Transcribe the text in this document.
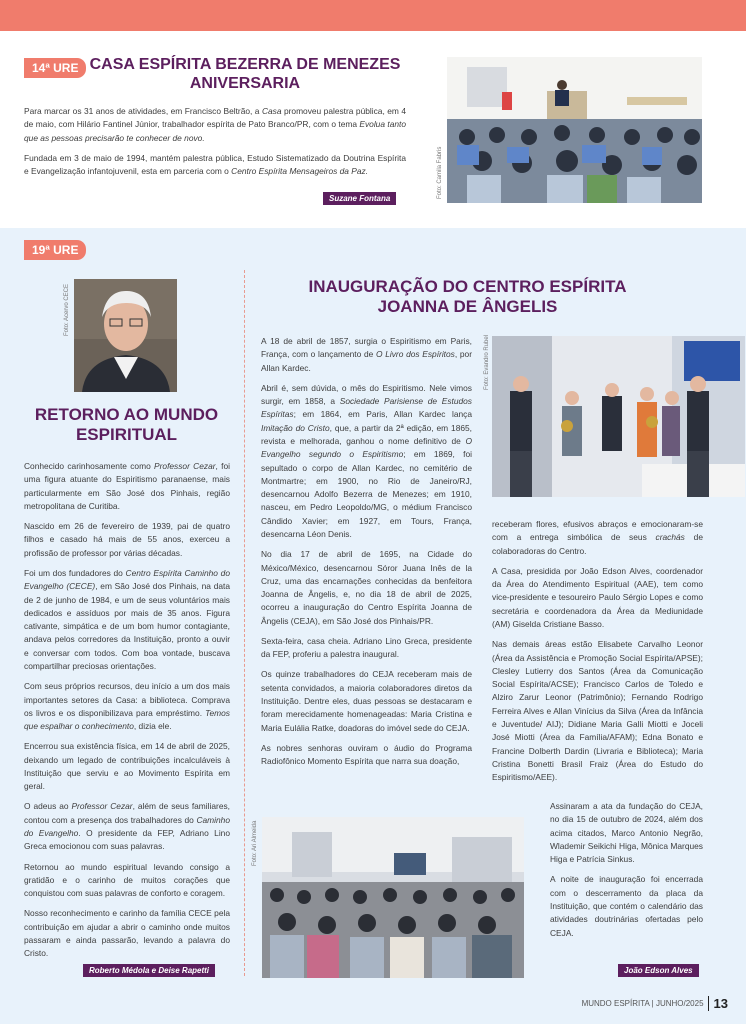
14ª URE CASA ESPÍRITA BEZERRA DE MENEZES
ANIVERSARIA

Para marcar os 31 anos de atividades, em Francisco Beltrão, a Casa promoveu palestra pública, em 4 de maio, com Hilário Fantinel Júnior, trabalhador espírita de Pato Branco/PR, com o tema Evolua tanto que as pessoas precisarão te conhecer de novo.

Fundada em 3 de maio de 1994, mantém palestra pública, Estudo Sistematizado da Doutrina Espírita e Evangelização infantojuvenil, esta em parceria com o Centro Espírita Mensageiros da Paz.

Suzane Fontana	Foto: Camila Fabris
19ª URE
Foto: Acervo CECE
RETORNO AO MUNDO
ESPIRITUAL

Conhecido carinhosamente como Professor Cezar, foi uma figura atuante do Espiritismo paranaense, mais particularmente em São José dos Pinhais, região metropolitana de Curitiba.

Nascido em 26 de fevereiro de 1939, pai de quatro filhos e casado há mais de 55 anos, exerceu a profissão de professor por várias décadas.

Foi um dos fundadores do Centro Espírita Caminho do Evangelho (CECE), em São José dos Pinhais, na data de 2 de junho de 1984, e um de seus voluntários mais dedicados e assíduos por mais de 35 anos. Figura cativante, simpática e de um bom humor contagiante, andava pelos corredores da Instituição, pronto a ouvir e conversar com todos. Com boa vontade, buscava compartilhar preciosas orientações.

Com seus próprios recursos, deu início a um dos mais importantes setores da Casa: a biblioteca. Comprava os livros e os disponibilizava para empréstimo. Temos que espalhar o conhecimento, dizia ele.

Encerrou sua existência física, em 14 de abril de 2025, deixando um legado de contribuições incalculáveis à Instituição que serviu e ao Movimento Espírita em geral.

O adeus ao Professor Cezar, além de seus familiares, contou com a presença dos trabalhadores do Caminho do Evangelho. O presidente da FEP, Adriano Lino Greca emocionou com suas palavras.

Retornou ao mundo espiritual levando consigo a gratidão e o carinho de muitos corações que conquistou com suas palavras de conforto e coragem.

Nosso reconhecimento e carinho da família CECE pela contribuição em ajudar a abrir o caminho onde muitos passaram e ainda passarão, levando a palavra do Cristo.

Roberto Médola e Deise Rapetti
INAUGURAÇÃO DO CENTRO ESPÍRITA
JOANNA DE ÂNGELIS

A 18 de abril de 1857, surgia o Espiritismo em Paris, França, com o lançamento de O Livro dos Espíritos, por Allan Kardec.

Abril é, sem dúvida, o mês do Espiritismo. Nele vimos surgir, em 1858, a Sociedade Parisiense de Estudos Espíritas; em 1864, em Paris, Allan Kardec lança Imitação do Cristo, que, a partir da 2ª edição, em 1865, revista e melhorada, ganhou o nome definitivo de O Evangelho segundo o Espiritismo; em 1869, foi sepultado o corpo de Allan Kardec, no cemitério de Montmartre; em 1900, no Rio de Janeiro/RJ, desencarnou Adolfo Bezerra de Menezes; em 1910, nasceu, em Pedro Leopoldo/MG, o médium Francisco Cândido Xavier; em 1927, em Tours, França, desencarna Léon Denis.

No dia 17 de abril de 1695, na Cidade do México/México, desencarnou Sóror Juana Inês de la Cruz, uma das encarnações conhecidas da benfeitora Joanna de Ângelis, e, no dia 18 de abril de 2025, ocorreu a inauguração do Centro Espírita Joanna de Ângelis (CEJA), em São José dos Pinhais/PR.

Sexta-feira, casa cheia. Adriano Lino Greca, presidente da FEP, proferiu a palestra inaugural.

Os quinze trabalhadores do CEJA receberam mais de setenta convidados, a maioria colaboradores diretos da Instituição. Dentre eles, duas pessoas se destacaram e foram merecidamente homenageadas: Maria Cristina e Maria Eulália Ratke, doadoras do imóvel sede do CEJA.

As nobres senhoras ouviram o áudio do Programa Radiofônico Momento Espírita que narra sua doação,

Foto: Evandro Rubel

receberam flores, efusivos abraços e emocionaram-se com a entrega simbólica de seus crachás de colaboradoras do Centro.

A Casa, presidida por João Edson Alves, coordenador da Área do Atendimento Espiritual (AAE), tem como vice-presidente e tesoureiro Paulo Sérgio Lopes e como secretária e coordenadora da Área da Mediunidade (AM) Giselda Cristiane Basso.

Nas demais áreas estão Elisabete Carvalho Leonor (Área da Assistência e Promoção Social Espírita/APSE); Clesley Lutierry dos Santos (Área da Comunicação Social Espírita/ACSE); Francisco Carlos de Toledo e Alziro Zarur Leonor (Patrimônio); Fernando Rodrigo Ferreira Alves e Allan Vinícius da Silva (Área da Infância e Juventude/ AIJ); Didiane Maria Galli Miotti e Joceli José Miotti (Área da Família/AFAM); Edna Bonato e Francine Dolberth Dardin (Livraria e Biblioteca); Maria Cristina Bonetti Brasil Fraiz (Área do Estudo do Espiritismo/AEE).

Assinaram a ata da fundação do CEJA, no dia 15 de outubro de 2024, além dos acima citados, Marco Antonio Negrão, Wlademir Seikichi Higa, Mônica Marques Higa e Patrícia Sinkus.

A noite de inauguração foi encerrada com o descerramento da placa da Instituição, que contém o calendário das atividades doutrinárias ofertadas pelo CEJA.

Foto: Ari Almeida
João Edson Alves
MUNDO ESPÍRITA | JUNHO/2025 13
